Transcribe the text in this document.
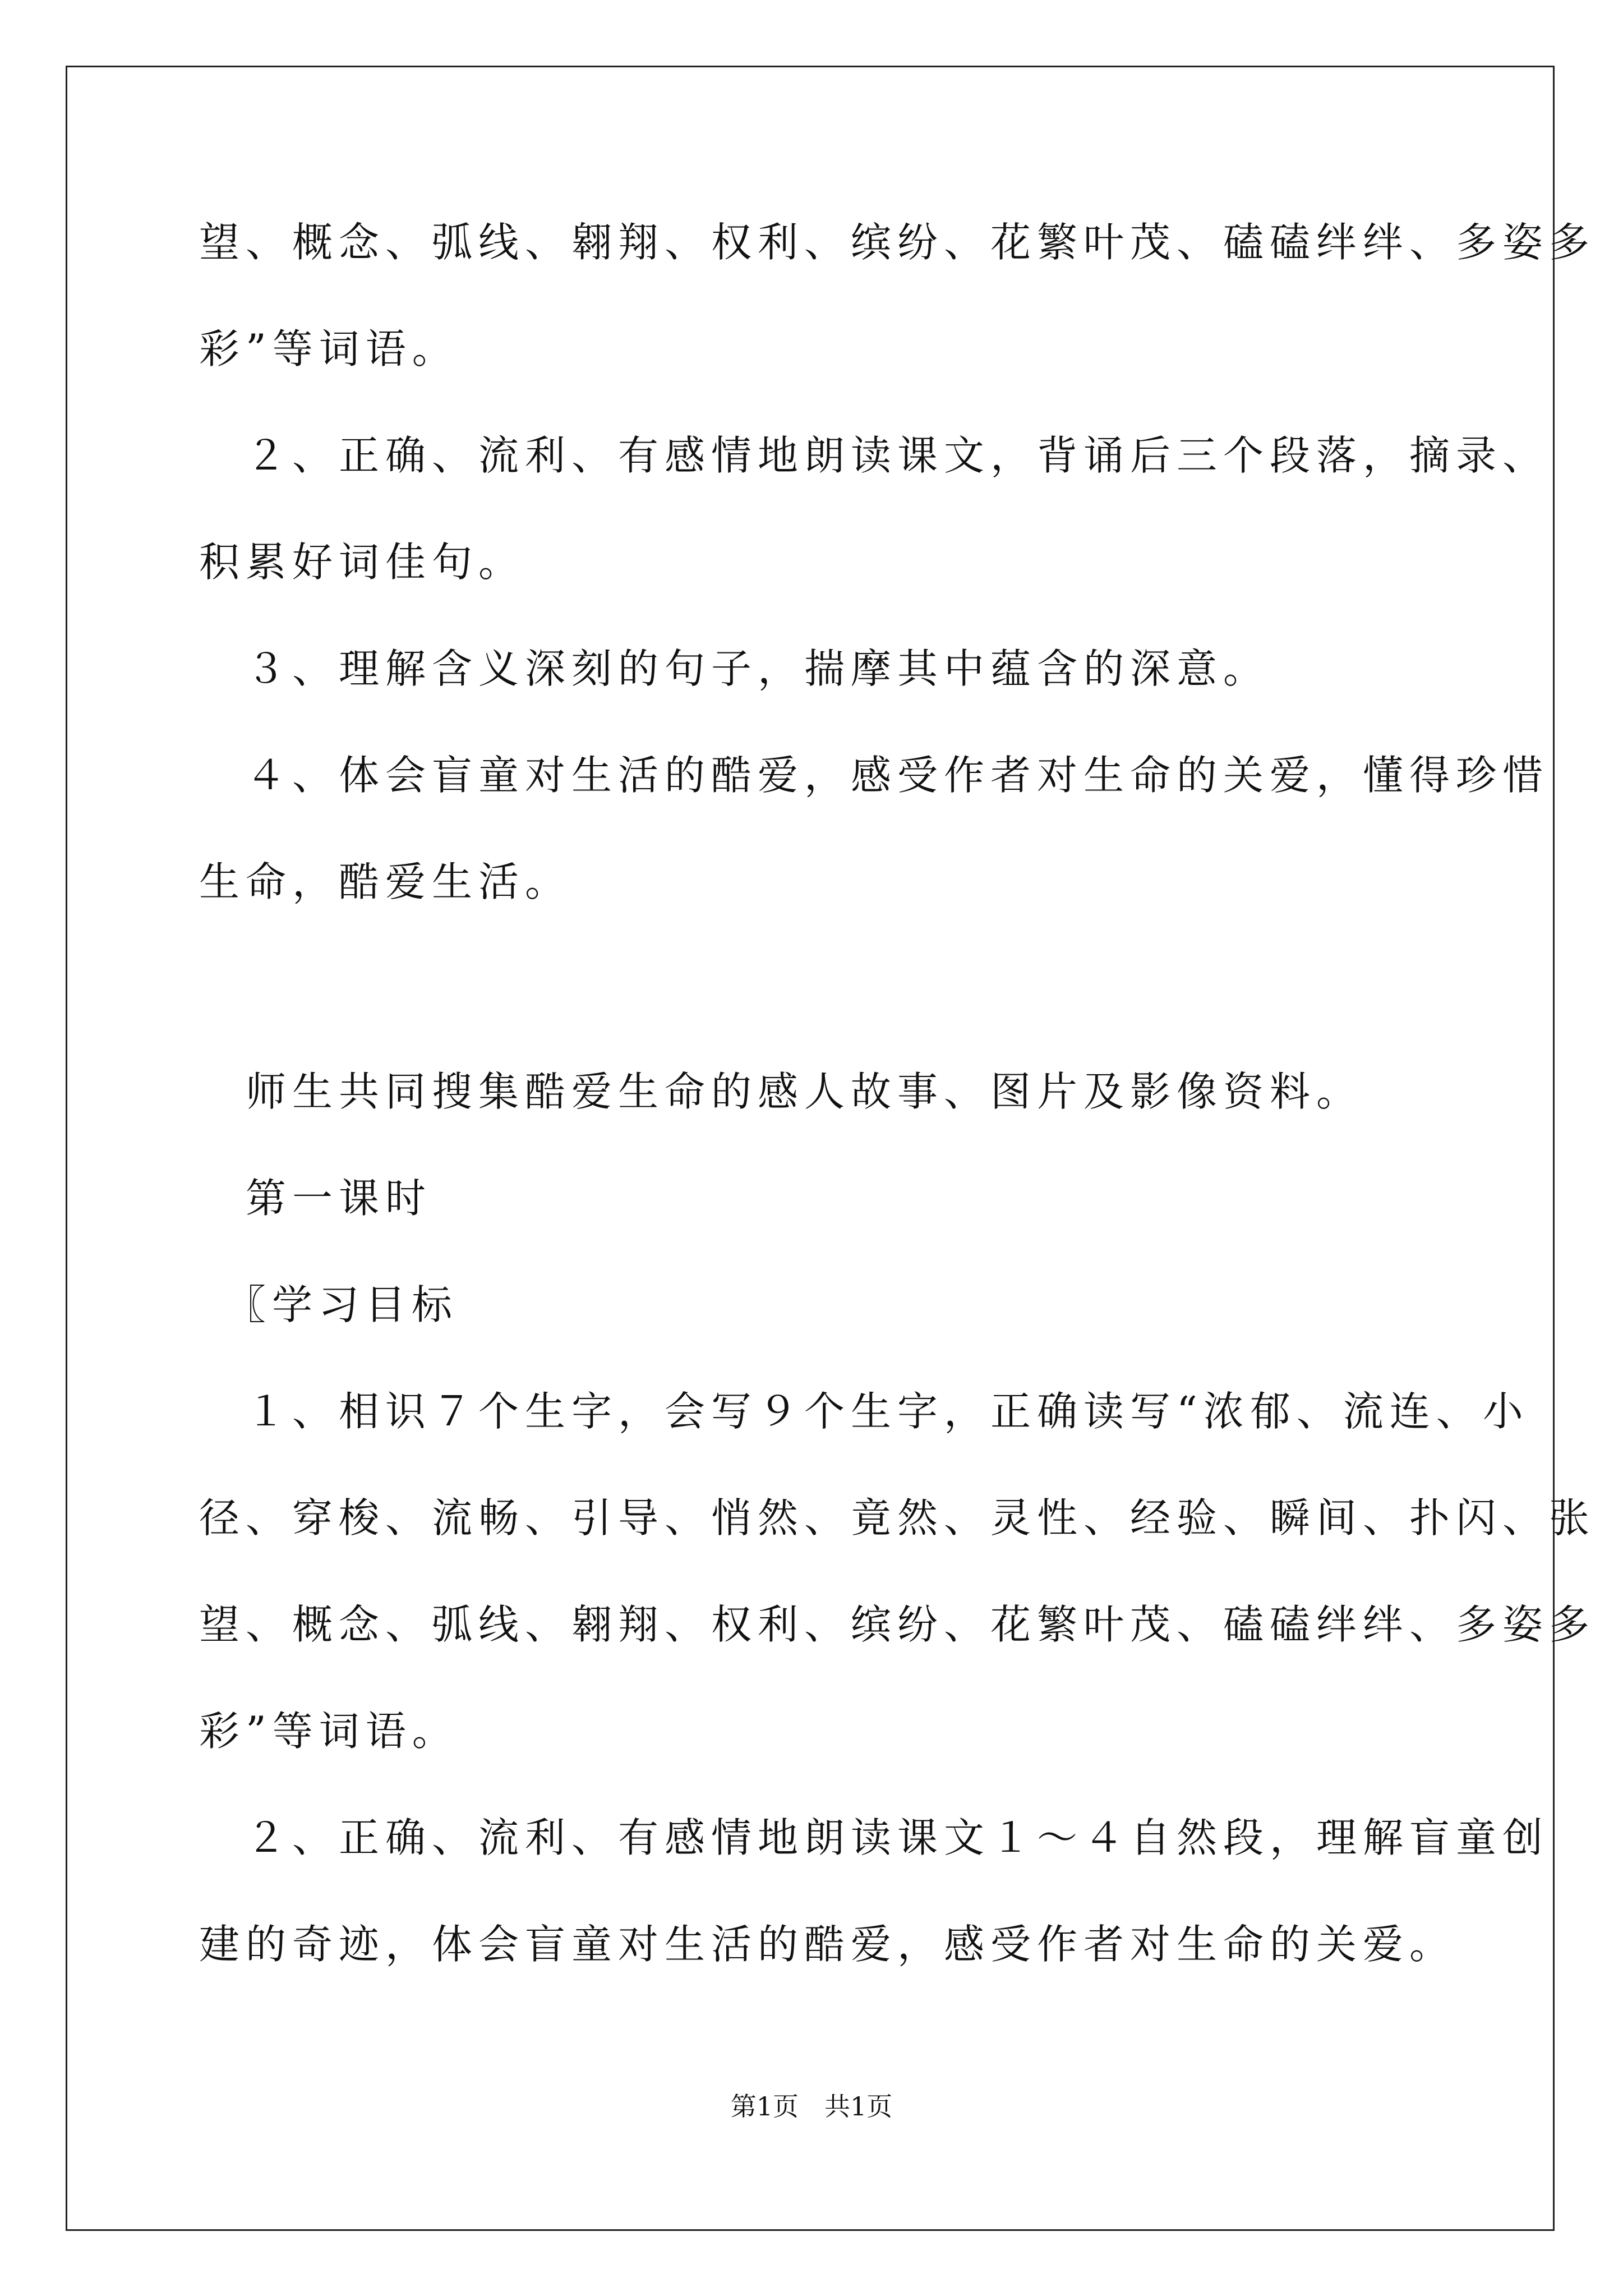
望、概念、弧线、翱翔、权利、缤纷、花繁叶茂、磕磕绊绊、多姿多
彩”等词语。
　２、正确、流利、有感情地朗读课文，背诵后三个段落，摘录、
积累好词佳句。
　３、理解含义深刻的句子，揣摩其中蕴含的深意。
　４、体会盲童对生活的酷爱，感受作者对生命的关爱，懂得珍惜
生命，酷爱生活。
　师生共同搜集酷爱生命的感人故事、图片及影像资料。
　第一课时
　〖学习目标
　１、相识７个生字，会写９个生字，正确读写“浓郁、流连、小
径、穿梭、流畅、引导、悄然、竟然、灵性、经验、瞬间、扑闪、张
望、概念、弧线、翱翔、权利、缤纷、花繁叶茂、磕磕绊绊、多姿多
彩”等词语。
　２、正确、流利、有感情地朗读课文１～４自然段，理解盲童创
建的奇迹，体会盲童对生活的酷爱，感受作者对生命的关爱。
第1页　共1页
